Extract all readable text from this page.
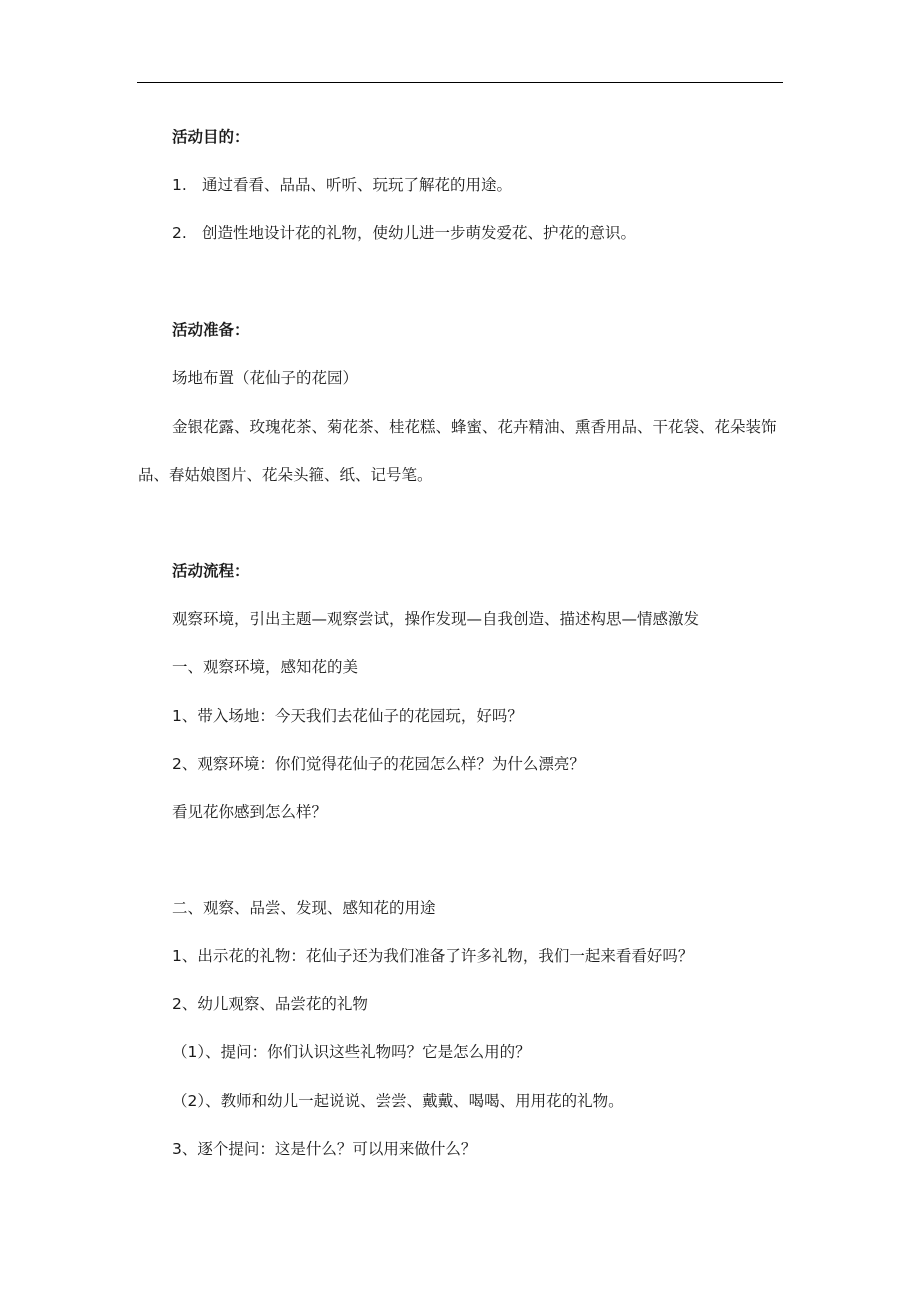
活动目的：
1. 通过看看、品品、听听、玩玩了解花的用途。
2. 创造性地设计花的礼物，使幼儿进一步萌发爱花、护花的意识。
活动准备：
场地布置（花仙子的花园）
金银花露、玫瑰花茶、菊花茶、桂花糕、蜂蜜、花卉精油、熏香用品、干花袋、花朵装饰品、春姑娘图片、花朵头箍、纸、记号笔。
活动流程：
观察环境，引出主题—观察尝试，操作发现—自我创造、描述构思—情感激发
一、观察环境，感知花的美
1、带入场地：今天我们去花仙子的花园玩，好吗？
2、观察环境：你们觉得花仙子的花园怎么样？为什么漂亮？
看见花你感到怎么样？
二、观察、品尝、发现、感知花的用途
1、出示花的礼物：花仙子还为我们准备了许多礼物，我们一起来看看好吗？
2、幼儿观察、品尝花的礼物
（1）、提问：你们认识这些礼物吗？它是怎么用的？
（2）、教师和幼儿一起说说、尝尝、戴戴、喝喝、用用花的礼物。
3、逐个提问：这是什么？可以用来做什么？
